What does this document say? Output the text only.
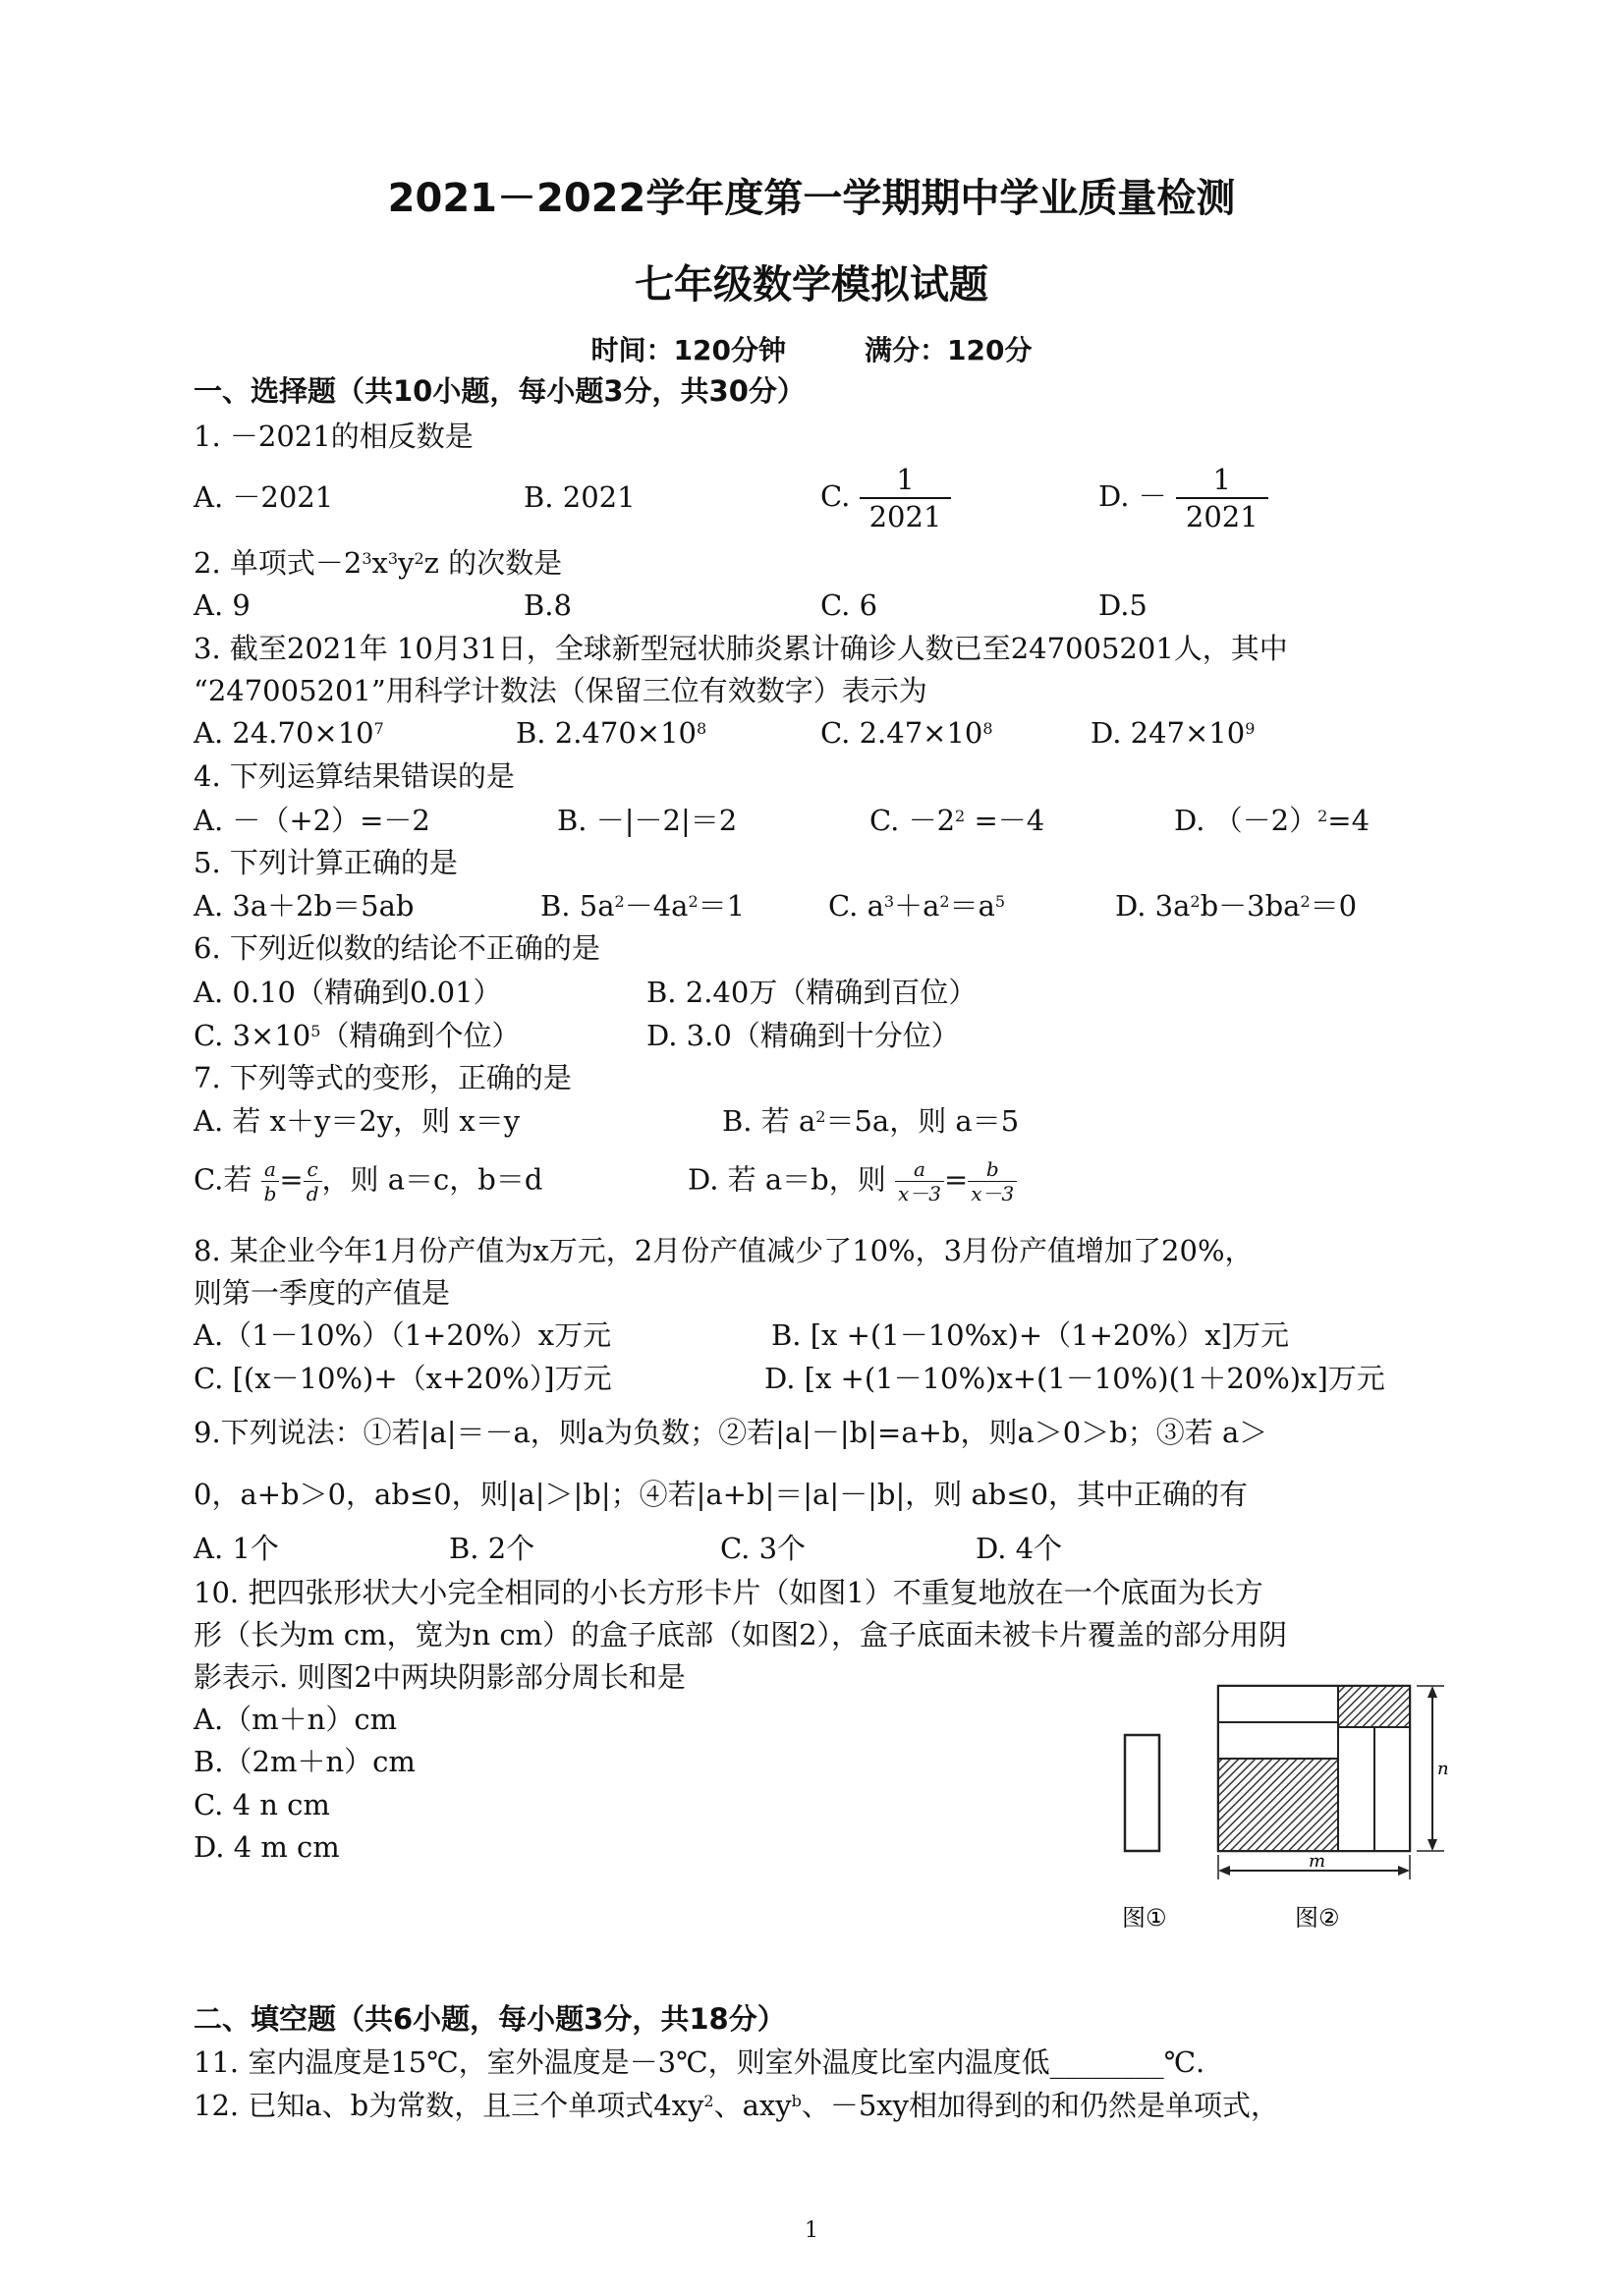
2021－2022学年度第一学期期中学业质量检测
七年级数学模拟试题
时间：120分钟	满分：120分
一、选择题（共10小题，每小题3分，共30分）
1. －2021的相反数是
A. －2021	B. 2021	C. $\frac{1}{2021}$	D. － $\frac{1}{2021}$
2. 单项式$-2^3x^3y^2z$ 的次数是
A. 9	B.8	C. 6	D.5
3. 截至2021年 10月31日，全球新型冠状肺炎累计确诊人数已至247005201人，其中
“247005201”用科学计数法（保留三位有效数字）表示为
A. $24.70\times 10^7$	B. $2.470\times 10^8$	C. $2.47\times 10^8$	D. $247\times 10^9$
4. 下列运算结果错误的是
A. －（+2）=－2	B. －|－2|＝2	C. $-2^2 =-4$	D. $(-2)^2=4$
5. 下列计算正确的是
A. 3a＋2b＝5ab	B. $5a^2-4a^2=1$	C. $a^3+a^2=a^5$	D. $3a^2b-3ba^2=0$
6. 下列近似数的结论不正确的是
A. 0.10（精确到0.01）	B. 2.40万（精确到百位）
C. $3\times 10^5$（精确到个位）	D. 3.0（精确到十分位）
7. 下列等式的变形，正确的是
A. 若 x＋y＝2y，则 x＝y	B. 若 $a^2=5a$，则 a＝5
C.若 $\frac{a}{b} = \frac{c}{d}$ ，则 a＝c，b＝d	D. 若 a＝b，则 $\frac{a}{x-3} = \frac{b}{x-3}$
8. 某企业今年1月份产值为x万元，2月份产值减少了10%，3月份产值增加了20%，
则第一季度的产值是
A.（1－10%）（1+20%）x万元	B. [x +(1－10%x)+（1+20%）x]万元
C. [(x－10%)+（x+20%）]万元	D. [x +(1－10%)x+(1－10%)(1＋20%)x]万元
9.下列说法：①若|a|＝－a，则a为负数；②若|a|－|b|=a+b，则a＞0＞b；③若 a＞
0，a+b＞0，ab≤0，则|a|＞|b|；④若|a+b|＝|a|－|b|，则 ab≤0，其中正确的有
A. 1个	B. 2个	C. 3个	D. 4个
10. 把四张形状大小完全相同的小长方形卡片（如图1）不重复地放在一个底面为长方
形（长为m cm，宽为n cm）的盒子底部（如图2），盒子底面未被卡片覆盖的部分用阴
影表示. 则图2中两块阴影部分周长和是
A.（m＋n）cm
B.（2m＋n）cm
C. 4 n cm
D. 4 m cm
n
m
图①	图②
二、填空题（共6小题，每小题3分，共18分）
11. 室内温度是15℃，室外温度是－3℃，则室外温度比室内温度低________℃.
12. 已知a、b为常数，且三个单项式$4xy^2$、axy$^b$、－5xy相加得到的和仍然是单项式，
1
